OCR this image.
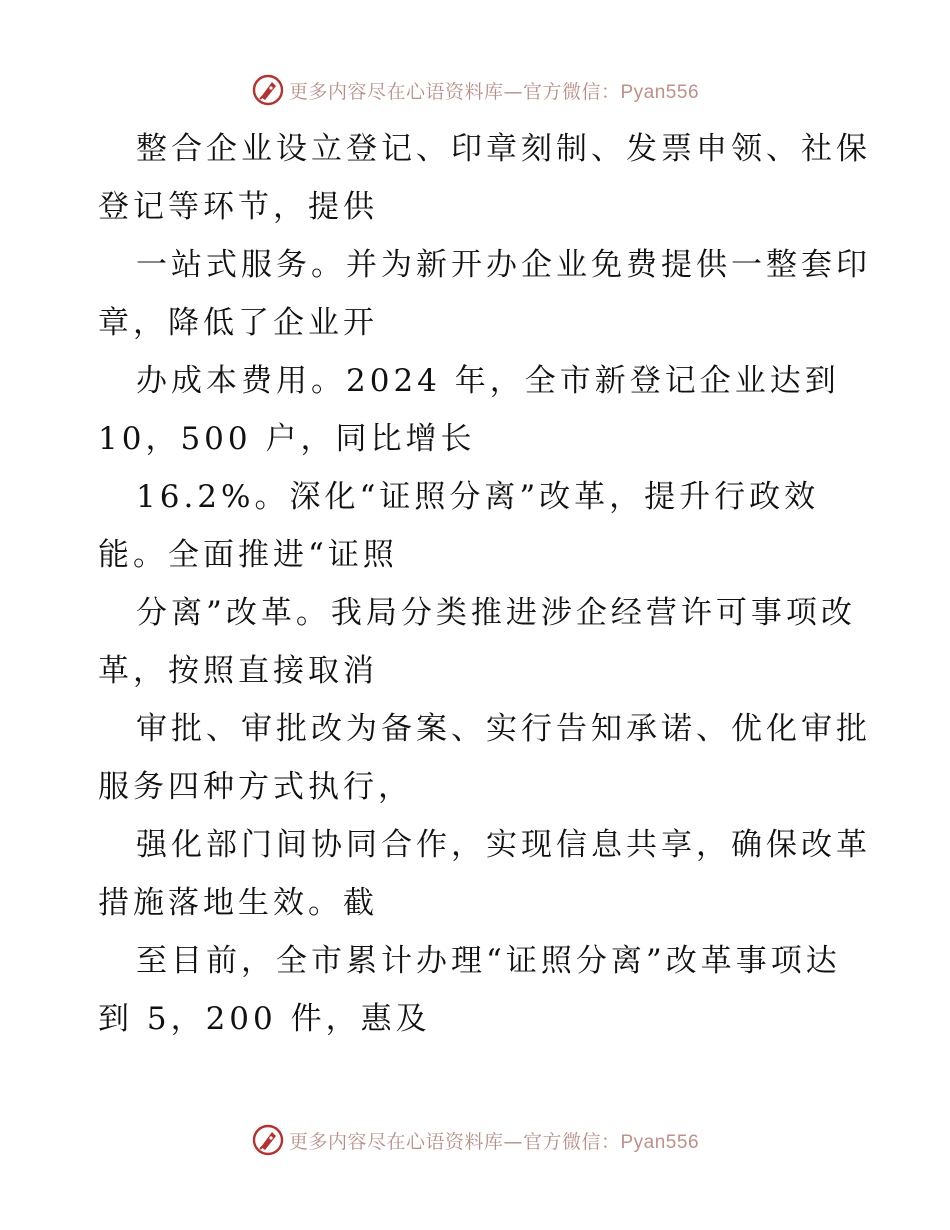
更多内容尽在心语资料库—官方微信：Pyan556
整合企业设立登记、印章刻制、发票申领、社保
登记等环节，提供
一站式服务。并为新开办企业免费提供一整套印
章，降低了企业开
办成本费用。2024 年，全市新登记企业达到
10，500 户，同比增长
16.2%。深化“证照分离”改革，提升行政效
能。全面推进“证照
分离”改革。我局分类推进涉企经营许可事项改
革，按照直接取消
审批、审批改为备案、实行告知承诺、优化审批
服务四种方式执行，
强化部门间协同合作，实现信息共享，确保改革
措施落地生效。截
至目前，全市累计办理“证照分离”改革事项达
到 5，200 件，惠及
更多内容尽在心语资料库—官方微信：Pyan556
